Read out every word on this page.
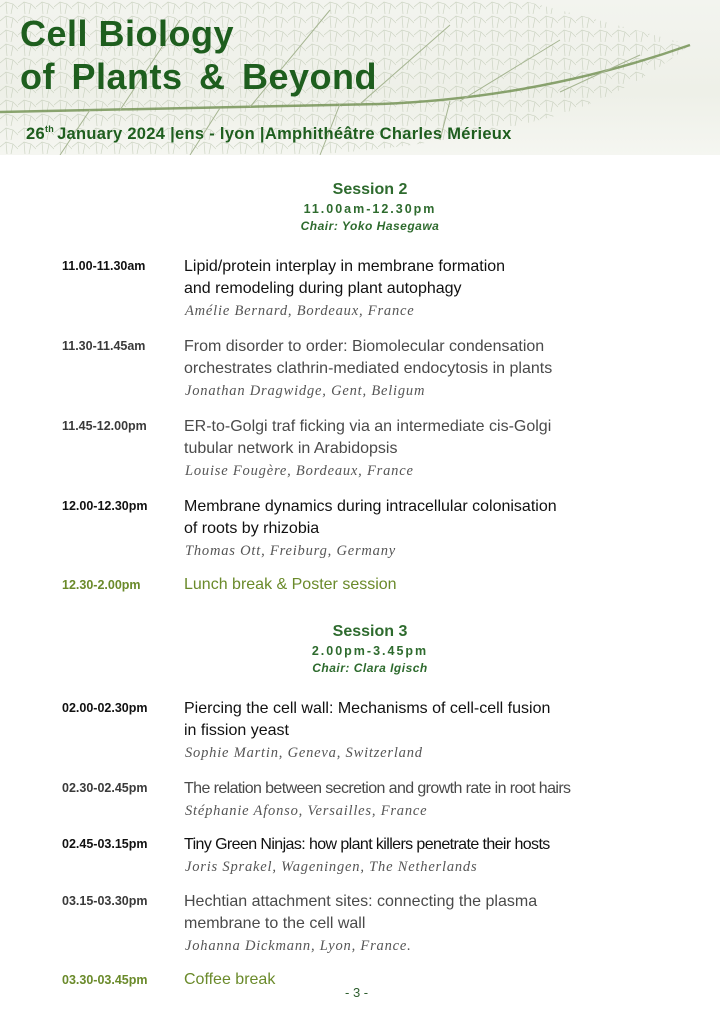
Cell Biology
of Plants & Beyond
26th January 2024 |ens - lyon |Amphithéâtre Charles Mérieux
Session 2
11.00am-12.30pm
Chair: Yoko Hasegawa
11.00-11.30am Lipid/protein interplay in membrane formation
and remodeling during plant autophagy
Amélie Bernard, Bordeaux, France
11.30-11.45am From disorder to order: Biomolecular condensation
orchestrates clathrin-mediated endocytosis in plants
Jonathan Dragwidge, Gent, Beligum
11.45-12.00pm ER-to-Golgi traf ficking via an intermediate cis-Golgi
tubular network in Arabidopsis
Louise Fougère, Bordeaux, France
12.00-12.30pm Membrane dynamics during intracellular colonisation
of roots by rhizobia
Thomas Ott, Freiburg, Germany
12.30-2.00pm	Lunch break & Poster session
Session 3
2.00pm-3.45pm
Chair: Clara Igisch
02.00-02.30pm Piercing the cell wall: Mechanisms of cell-cell fusion
in fission yeast
Sophie Martin, Geneva, Switzerland
02.30-02.45pm The relation between secretion and growth rate in root hairs
Stéphanie Afonso, Versailles, France
02.45-03.15pm Tiny Green Ninjas: how plant killers penetrate their hosts
Joris Sprakel, Wageningen, The Netherlands
03.15-03.30pm Hechtian attachment sites: connecting the plasma
membrane to the cell wall
Johanna Dickmann, Lyon, France.
03.30-03.45pm Coffee break
- 3 -
